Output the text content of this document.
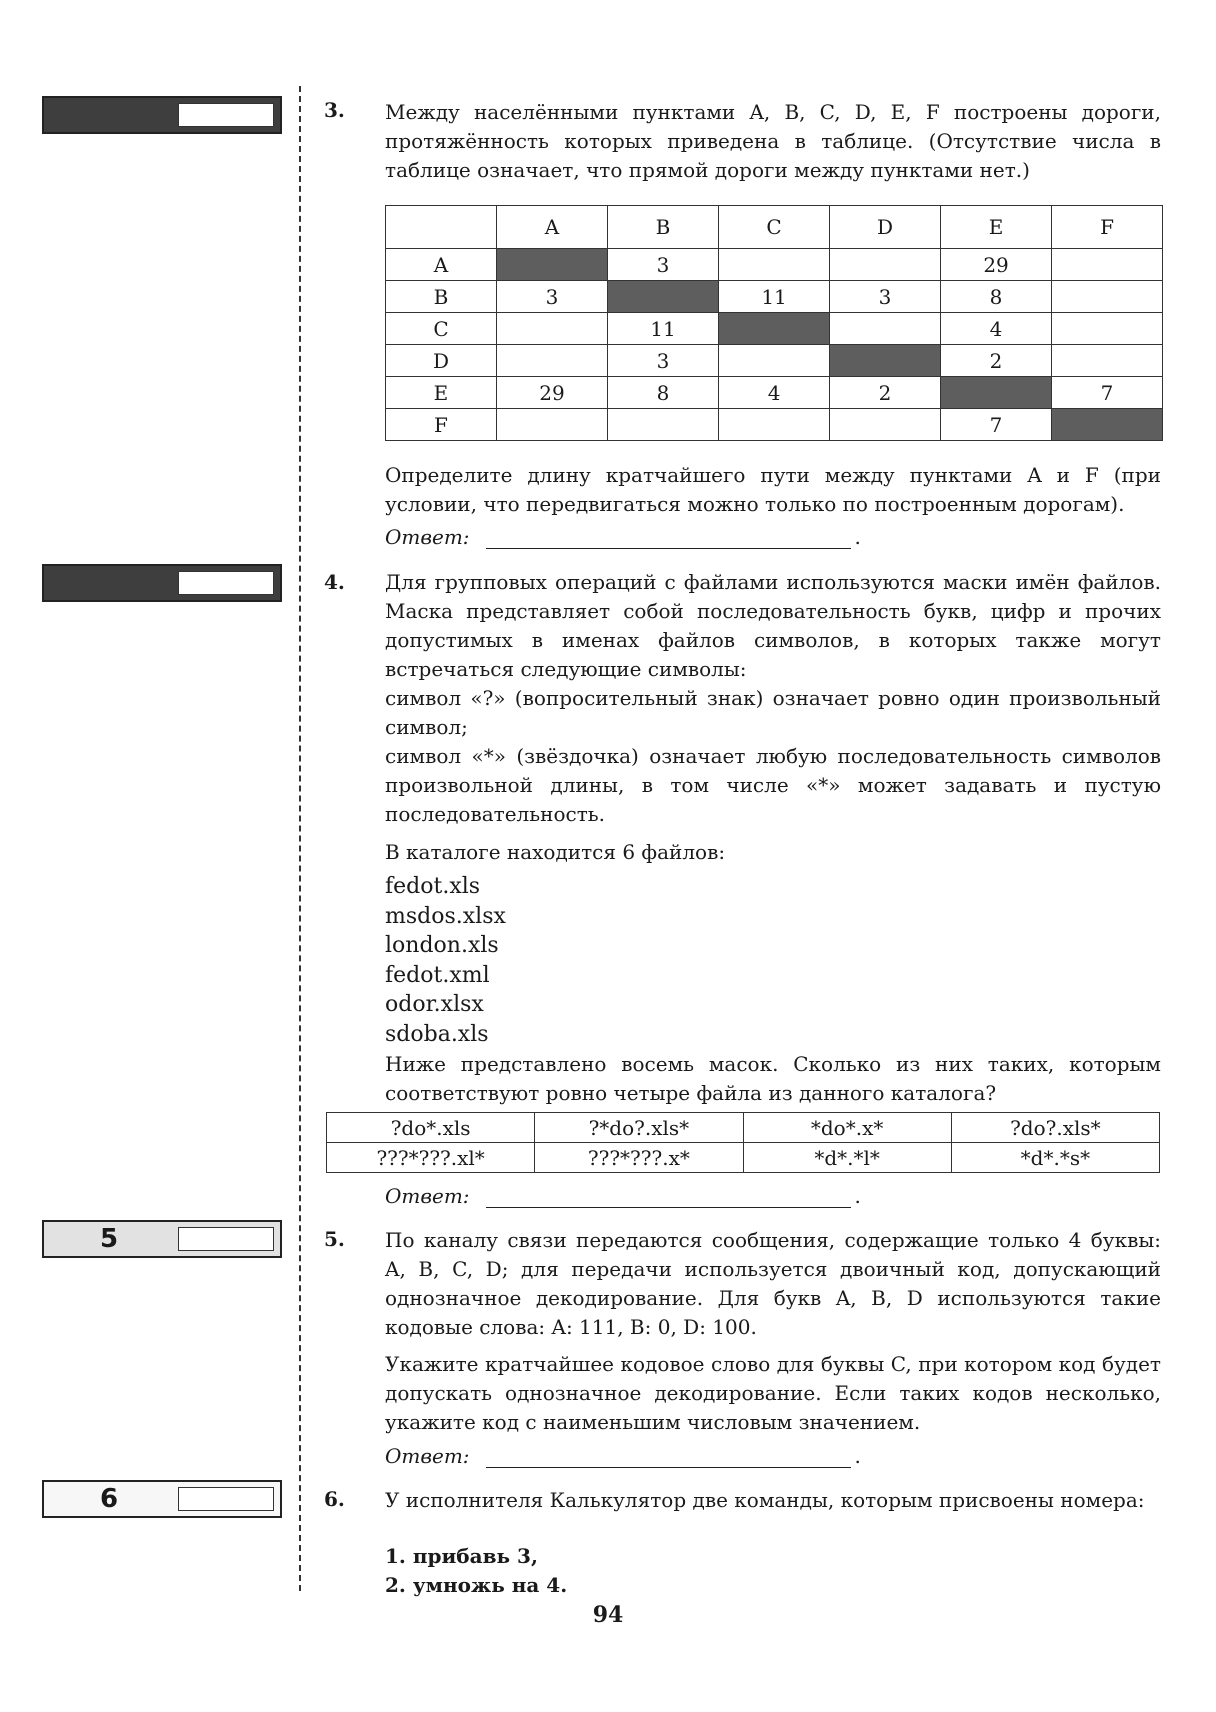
3
4
5
6
3. Между населёнными пунктами A, B, C, D, E, F построены дороги, протяжённость которых приведена в таблице. (Отсутствие числа в таблице означает, что прямой дороги между пунктами нет.)

	A	B	C	D	E	F
A		3			29	
B	3		11	3	8	
C		11			4	
D		3			2	
E	29	8	4	2		7
F					7	

Определите длину кратчайшего пути между пунктами A и F (при условии, что передвигаться можно только по построенным дорогам).

Ответ:	.
4. Для групповых операций с файлами используются маски имён файлов. Маска представляет собой последовательность букв, цифр и прочих допустимых в именах файлов символов, в которых также могут встречаться следующие символы:

символ «?» (вопросительный знак) означает ровно один произвольный символ;

символ «*» (звёздочка) означает любую последовательность символов произвольной длины, в том числе «*» может задавать и пустую последовательность.

В каталоге находится 6 файлов:
fedot.xls
msdos.xlsx
london.xls
fedot.xml
odor.xlsx
sdoba.xls

Ниже представлено восемь масок. Сколько из них таких, которым соответствуют ровно четыре файла из данного каталога?

?do*.xls	?*do?.xls*	*do*.x*	?do?.xls*
???*???.xl*	???*???.x*	*d*.*l*	*d*.*s*
Ответ:	.
5. По каналу связи передаются сообщения, содержащие только 4 буквы: A, B, C, D; для передачи используется двоичный код, допускающий однозначное декодирование. Для букв A, B, D используются такие кодовые слова: A: 111, B: 0, D: 100.

Укажите кратчайшее кодовое слово для буквы C, при котором код будет допускать однозначное декодирование. Если таких кодов несколько, укажите код с наименьшим числовым значением.

Ответ:	.
6. У исполнителя Калькулятор две команды, которым присвоены номера:

1. прибавь 3,
2. умножь на 4.
94
